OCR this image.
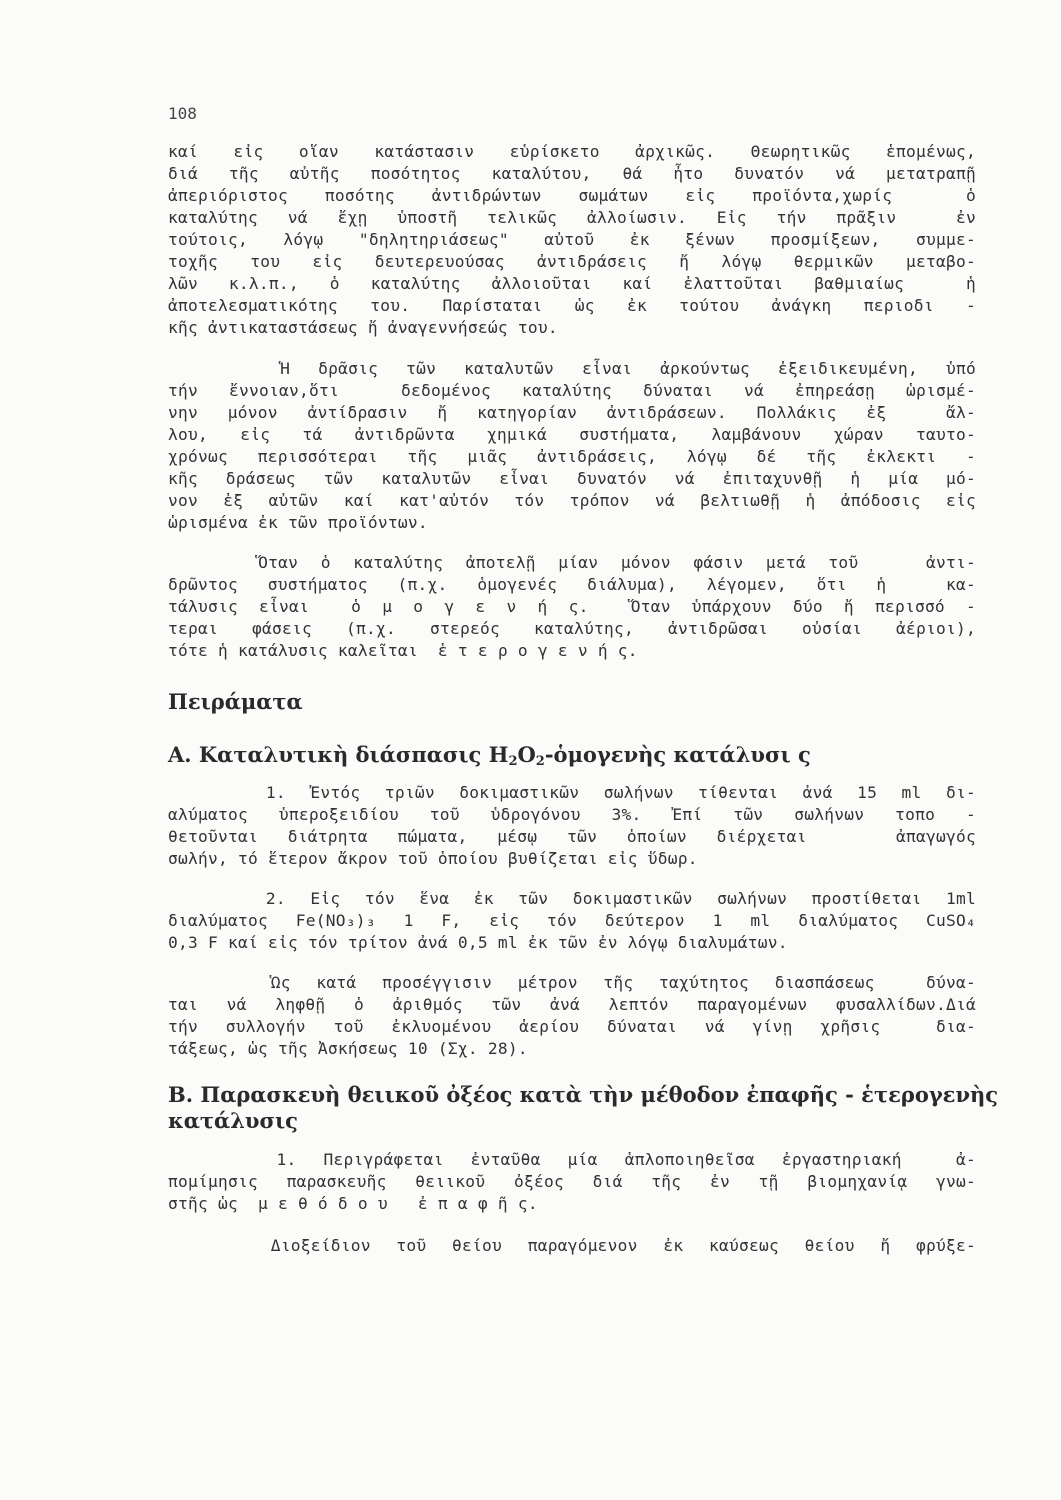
108
καί εἰς οἵαν κατάστασιν εὑρίσκετο ἀρχικῶς. Θεωρητικῶς ἑπομένως,
διά τῆς αὐτῆς ποσότητος καταλύτου, θά ἦτο δυνατόν νά μετατραπῇ
ἀπεριόριστος ποσότης ἀντιδρώντων σωμάτων εἰς προϊόντα,χωρίς  ὁ
καταλύτης νά ἔχῃ ὑποστῆ τελικῶς ἀλλοίωσιν. Εἰς τήν πρᾶξιν  ἐν
τούτοις, λόγῳ "δηλητηριάσεως" αὐτοῦ ἐκ ξένων προσμίξεων, συμμε-
τοχῆς του εἰς δευτερευούσας ἀντιδράσεις ἤ λόγῳ θερμικῶν μεταβο-
λῶν κ.λ.π., ὁ καταλύτης ἀλλοιοῦται καί ἐλαττοῦται βαθμιαίως  ἡ
ἀποτελεσματικότης του. Παρίσταται ὡς ἐκ τούτου ἀνάγκη περιοδι -
κῆς ἀντικαταστάσεως ἤ ἀναγεννήσεώς του.
Ἡ δρᾶσις τῶν καταλυτῶν εἶναι ἀρκούντως ἐξειδικευμένη, ὑπό
τήν ἔννοιαν,ὅτι  δεδομένος καταλύτης δύναται νά ἐπηρεάσῃ ὡρισμέ-
νην μόνον ἀντίδρασιν ἤ κατηγορίαν ἀντιδράσεων. Πολλάκις ἐξ  ἄλ-
λου, εἰς τά ἀντιδρῶντα χημικά συστήματα, λαμβάνουν χώραν ταυτο-
χρόνως περισσότεραι τῆς μιᾶς ἀντιδράσεις, λόγῳ δέ τῆς ἐκλεκτι -
κῆς δράσεως τῶν καταλυτῶν εἶναι δυνατόν νά ἐπιταχυνθῇ ἡ μία μό-
νον ἐξ αὐτῶν καί κατ'αὐτόν τόν τρόπον νά βελτιωθῇ ἡ ἀπόδοσις εἰς
ὡρισμένα ἐκ τῶν προϊόντων.
Ὅταν ὁ καταλύτης ἀποτελῇ μίαν μόνον φάσιν μετά τοῦ   ἀντι-
δρῶντος συστήματος (π.χ. ὁμογενές διάλυμα), λέγομεν, ὅτι ἡ  κα-
τάλυσις εἶναι  ὁ μ ο γ ε ν ή ς.  Ὅταν ὑπάρχουν δύο ἤ περισσό -
τεραι φάσεις (π.χ. στερεός καταλύτης, ἀντιδρῶσαι οὐσίαι ἀέριοι),
τότε ἡ κατάλυσις καλεῖται  ἑ τ ε ρ ο γ ε ν ή ς.
Πειράματα
Α. Καταλυτικὴ διάσπασις $H_2O_2$-ὁμογενὴς κατάλυσι ς
1. Ἐντός τριῶν δοκιμαστικῶν σωλήνων τίθενται ἀνά 15 ml δι-
αλύματος ὑπεροξειδίου τοῦ ὑδρογόνου 3%. Ἐπί τῶν σωλήνων τοπο -
θετοῦνται διάτρητα πώματα, μέσῳ τῶν ὁποίων διέρχεται   ἀπαγωγός
σωλήν, τό ἕτερον ἄκρον τοῦ ὁποίου βυθίζεται εἰς ὕδωρ.
2. Εἰς τόν ἕνα ἐκ τῶν δοκιμαστικῶν σωλήνων προστίθεται 1ml
διαλύματος Fe(NO₃)₃ 1 F, εἰς τόν δεύτερον 1 ml διαλύματος CuSO₄
0,3 F καί εἰς τόν τρίτον ἀνά 0,5 ml ἐκ τῶν ἐν λόγῳ διαλυμάτων.
Ὡς κατά προσέγγισιν μέτρον τῆς ταχύτητος διασπάσεως  δύνα-
ται νά ληφθῇ ὁ ἀριθμός τῶν ἀνά λεπτόν παραγομένων φυσαλλίδων.Διά
τήν συλλογήν τοῦ ἐκλυομένου ἀερίου δύναται νά γίνῃ χρῆσις  δια-
τάξεως, ὡς τῆς Ἀσκήσεως 10 (Σχ. 28).
Β. Παρασκευὴ θειικοῦ ὀξέος κατὰ τὴν μέθοδον ἐπαφῆς - ἑτερογενὴς
κατάλυσις
1. Περιγράφεται ἐνταῦθα μία ἁπλοποιηθεῖσα ἐργαστηριακή  ἀ-
πομίμησις παρασκευῆς θειικοῦ ὀξέος διά τῆς ἐν τῇ βιομηχανίᾳ γνω-
στῆς ὡς  μ ε θ ό δ ο υ   ἐ π α φ ῆ ς.
Διοξείδιον τοῦ θείου παραγόμενον ἐκ καύσεως θείου ἤ φρύξε-
